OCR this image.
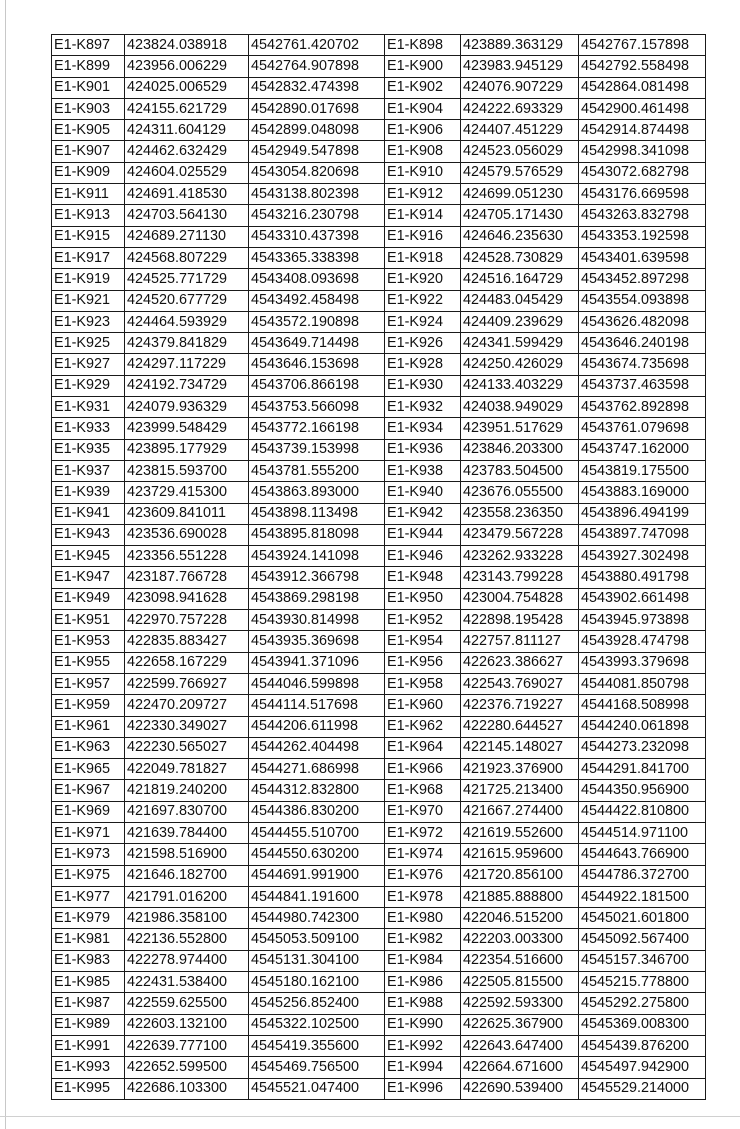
E1-K897	423824.038918	4542761.420702	E1-K898	423889.363129	4542767.157898
E1-K899	423956.006229	4542764.907898	E1-K900	423983.945129	4542792.558498
E1-K901	424025.006529	4542832.474398	E1-K902	424076.907229	4542864.081498
E1-K903	424155.621729	4542890.017698	E1-K904	424222.693329	4542900.461498
E1-K905	424311.604129	4542899.048098	E1-K906	424407.451229	4542914.874498
E1-K907	424462.632429	4542949.547898	E1-K908	424523.056029	4542998.341098
E1-K909	424604.025529	4543054.820698	E1-K910	424579.576529	4543072.682798
E1-K911	424691.418530	4543138.802398	E1-K912	424699.051230	4543176.669598
E1-K913	424703.564130	4543216.230798	E1-K914	424705.171430	4543263.832798
E1-K915	424689.271130	4543310.437398	E1-K916	424646.235630	4543353.192598
E1-K917	424568.807229	4543365.338398	E1-K918	424528.730829	4543401.639598
E1-K919	424525.771729	4543408.093698	E1-K920	424516.164729	4543452.897298
E1-K921	424520.677729	4543492.458498	E1-K922	424483.045429	4543554.093898
E1-K923	424464.593929	4543572.190898	E1-K924	424409.239629	4543626.482098
E1-K925	424379.841829	4543649.714498	E1-K926	424341.599429	4543646.240198
E1-K927	424297.117229	4543646.153698	E1-K928	424250.426029	4543674.735698
E1-K929	424192.734729	4543706.866198	E1-K930	424133.403229	4543737.463598
E1-K931	424079.936329	4543753.566098	E1-K932	424038.949029	4543762.892898
E1-K933	423999.548429	4543772.166198	E1-K934	423951.517629	4543761.079698
E1-K935	423895.177929	4543739.153998	E1-K936	423846.203300	4543747.162000
E1-K937	423815.593700	4543781.555200	E1-K938	423783.504500	4543819.175500
E1-K939	423729.415300	4543863.893000	E1-K940	423676.055500	4543883.169000
E1-K941	423609.841011	4543898.113498	E1-K942	423558.236350	4543896.494199
E1-K943	423536.690028	4543895.818098	E1-K944	423479.567228	4543897.747098
E1-K945	423356.551228	4543924.141098	E1-K946	423262.933228	4543927.302498
E1-K947	423187.766728	4543912.366798	E1-K948	423143.799228	4543880.491798
E1-K949	423098.941628	4543869.298198	E1-K950	423004.754828	4543902.661498
E1-K951	422970.757228	4543930.814998	E1-K952	422898.195428	4543945.973898
E1-K953	422835.883427	4543935.369698	E1-K954	422757.811127	4543928.474798
E1-K955	422658.167229	4543941.371096	E1-K956	422623.386627	4543993.379698
E1-K957	422599.766927	4544046.599898	E1-K958	422543.769027	4544081.850798
E1-K959	422470.209727	4544114.517698	E1-K960	422376.719227	4544168.508998
E1-K961	422330.349027	4544206.611998	E1-K962	422280.644527	4544240.061898
E1-K963	422230.565027	4544262.404498	E1-K964	422145.148027	4544273.232098
E1-K965	422049.781827	4544271.686998	E1-K966	421923.376900	4544291.841700
E1-K967	421819.240200	4544312.832800	E1-K968	421725.213400	4544350.956900
E1-K969	421697.830700	4544386.830200	E1-K970	421667.274400	4544422.810800
E1-K971	421639.784400	4544455.510700	E1-K972	421619.552600	4544514.971100
E1-K973	421598.516900	4544550.630200	E1-K974	421615.959600	4544643.766900
E1-K975	421646.182700	4544691.991900	E1-K976	421720.856100	4544786.372700
E1-K977	421791.016200	4544841.191600	E1-K978	421885.888800	4544922.181500
E1-K979	421986.358100	4544980.742300	E1-K980	422046.515200	4545021.601800
E1-K981	422136.552800	4545053.509100	E1-K982	422203.003300	4545092.567400
E1-K983	422278.974400	4545131.304100	E1-K984	422354.516600	4545157.346700
E1-K985	422431.538400	4545180.162100	E1-K986	422505.815500	4545215.778800
E1-K987	422559.625500	4545256.852400	E1-K988	422592.593300	4545292.275800
E1-K989	422603.132100	4545322.102500	E1-K990	422625.367900	4545369.008300
E1-K991	422639.777100	4545419.355600	E1-K992	422643.647400	4545439.876200
E1-K993	422652.599500	4545469.756500	E1-K994	422664.671600	4545497.942900
E1-K995	422686.103300	4545521.047400	E1-K996	422690.539400	4545529.214000
